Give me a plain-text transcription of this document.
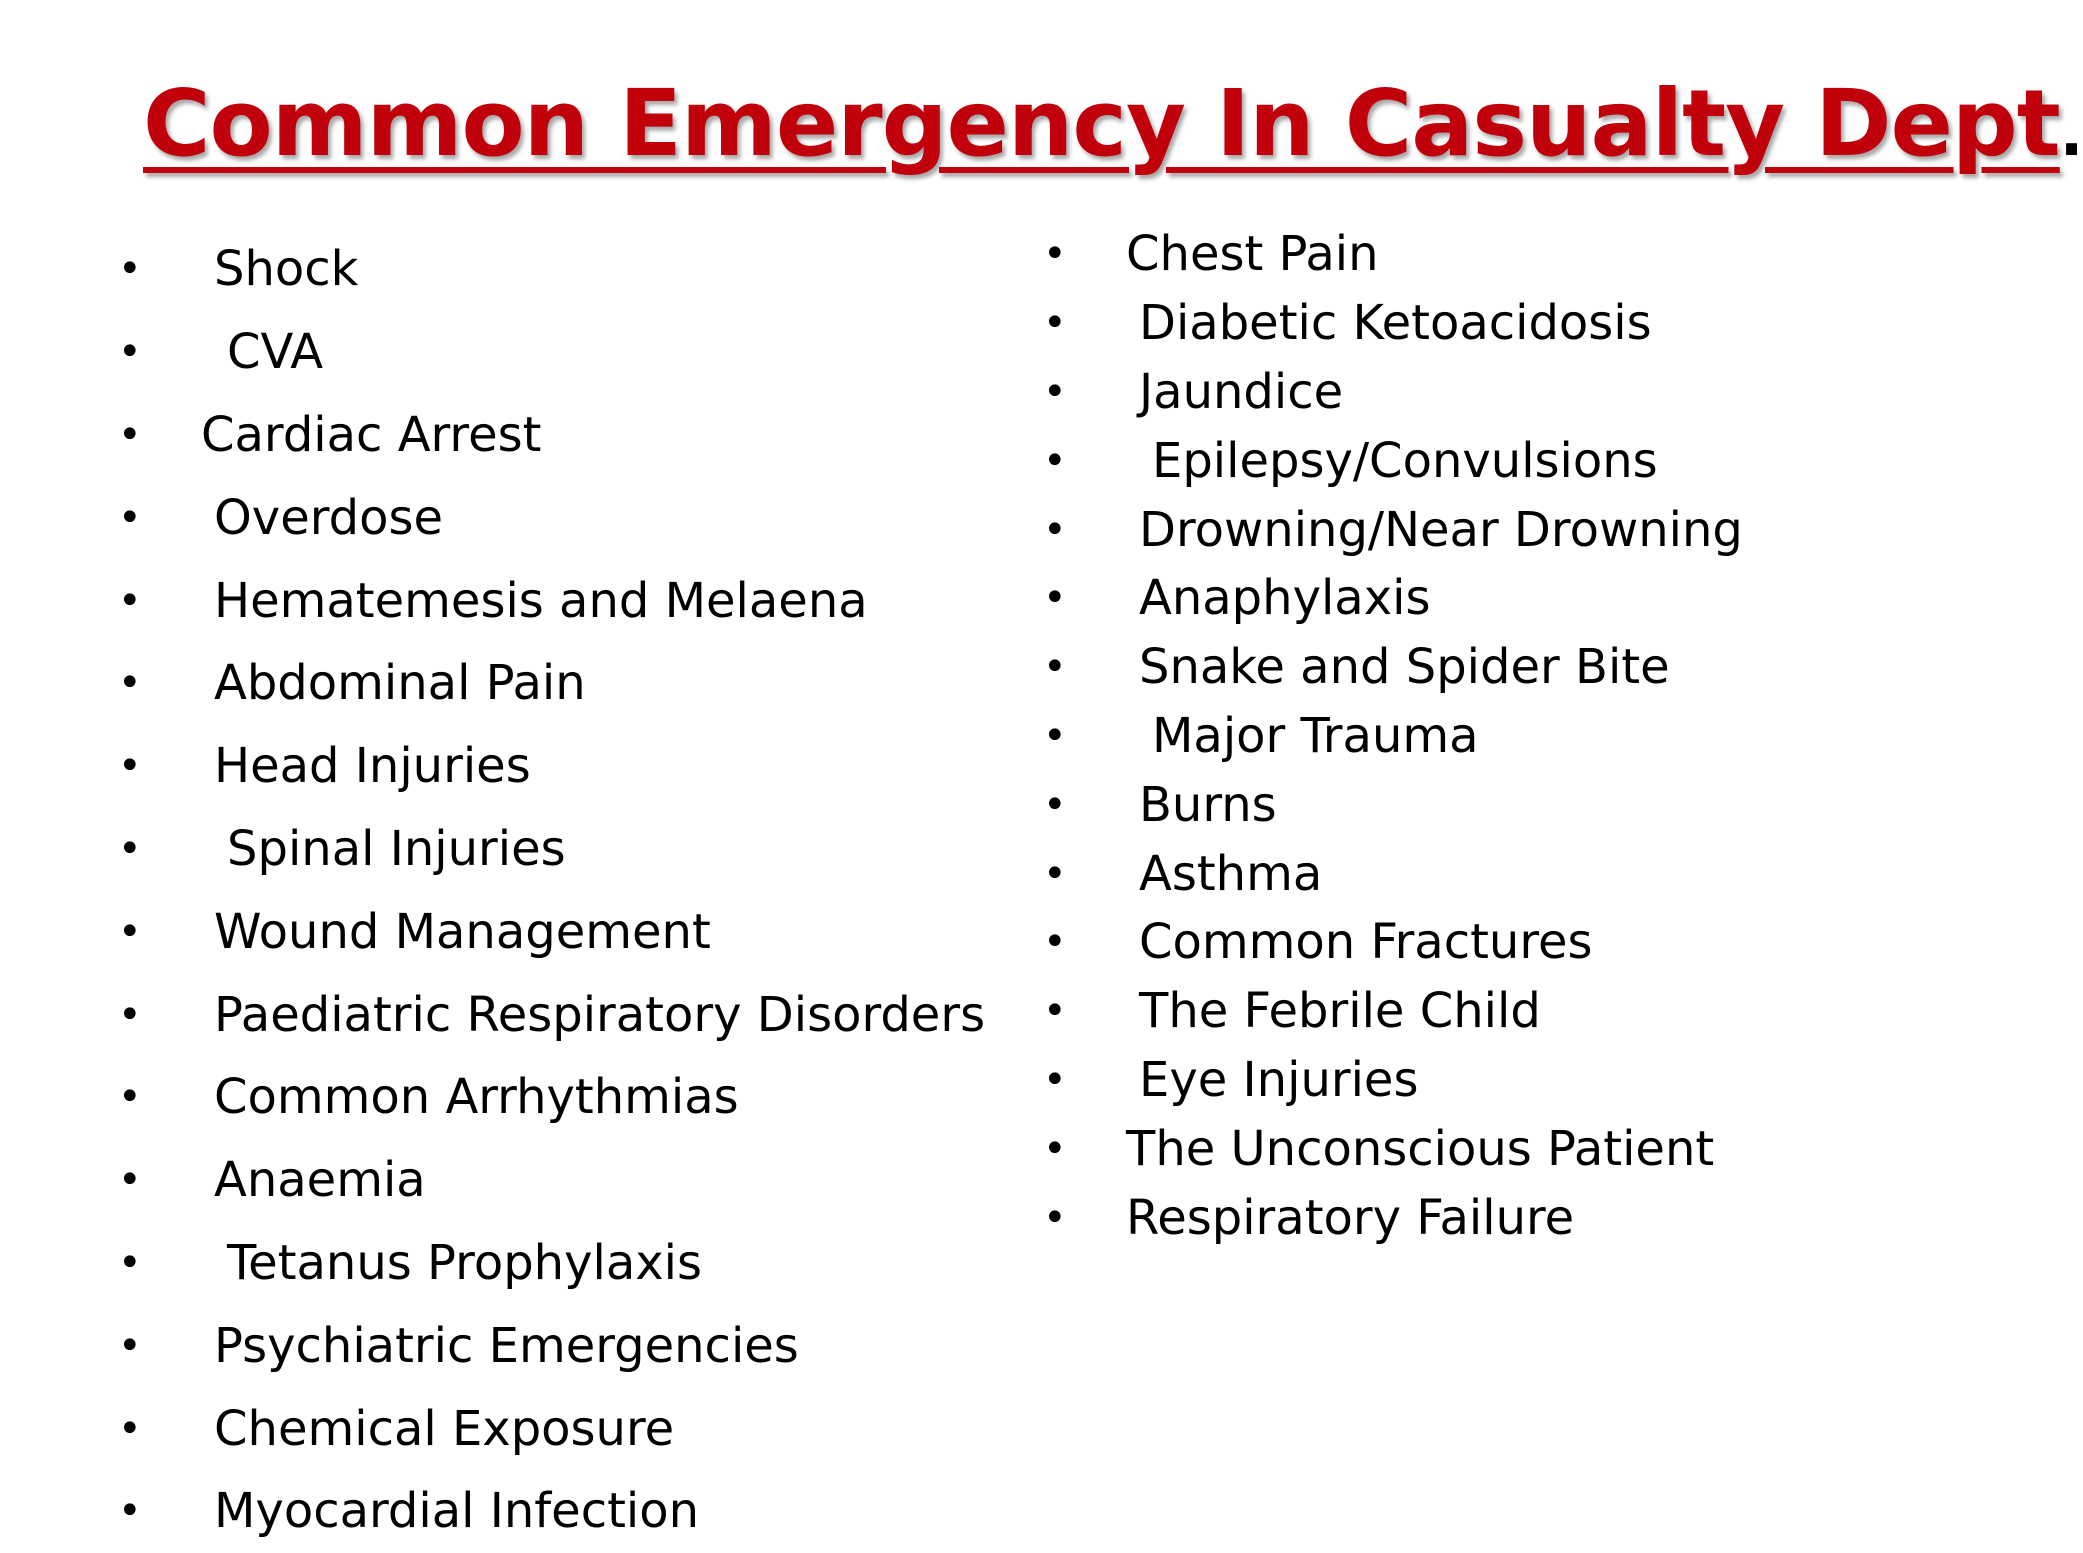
Common Emergency In Casualty Dept.
•	Shock
•	CVA
•	Cardiac Arrest
•	Overdose
•	Hematemesis and Melaena
•	Abdominal Pain
•	Head Injuries
•	Spinal Injuries
•	Wound Management
•	Paediatric Respiratory Disorders
•	Common Arrhythmias
•	Anaemia
•	Tetanus Prophylaxis
•	Psychiatric Emergencies
•	Chemical Exposure
•	Myocardial Infection
•	Chest Pain
•	Diabetic Ketoacidosis
•	Jaundice
•	Epilepsy/Convulsions
•	Drowning/Near Drowning
•	Anaphylaxis
•	Snake and Spider Bite
•	Major Trauma
•	Burns
•	Asthma
•	Common Fractures
•	The Febrile Child
•	Eye Injuries
•	The Unconscious Patient
•	Respiratory Failure
